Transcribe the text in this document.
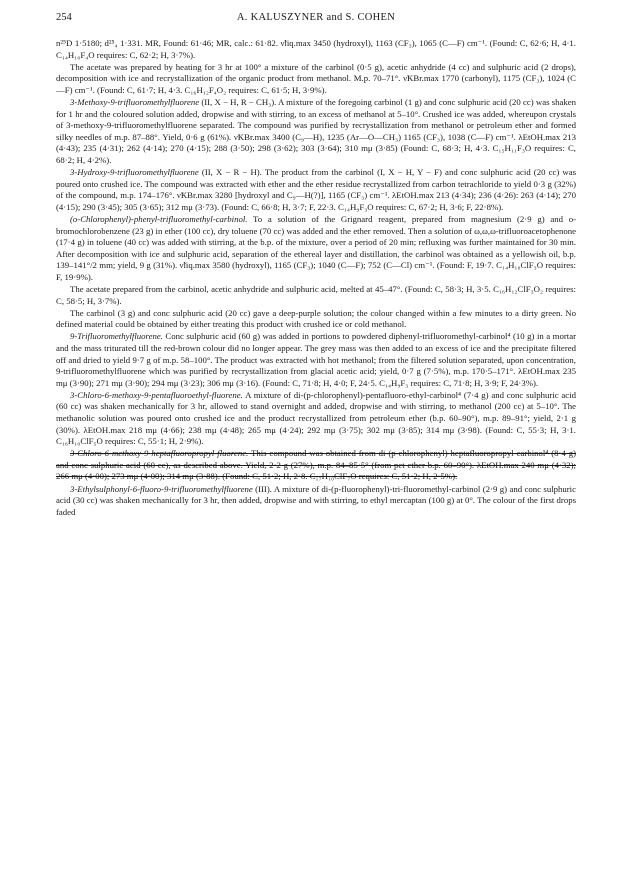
254	A. KALUSZYNER and S. COHEN

n²⁵D 1·5180; d²⁵₄ 1·331. MR, Found: 61·46; MR, calc.: 61·82. ν̃liq.max 3450 (hydroxyl), 1163 (CF₃), 1065 (C—F) cm⁻¹. (Found: C, 62·6; H, 4·1. C₁₄H₁₀F₄O requires: C, 62·2; H, 3·7%).

The acetate was prepared by heating for 3 hr at 100° a mixture of the carbinol (0·5 g), acetic anhydride (4 cc) and sulphuric acid (2 drops), decomposition with ice and recrystallization of the organic product from methanol. M.p. 70–71°. ν̃KBr.max 1770 (carbonyl), 1175 (CF₃), 1024 (C—F) cm⁻¹. (Found: C, 61·7; H, 4·3. C₁₆H₁₂F₄O₂ requires: C, 61·5; H, 3·9%).

3-Methoxy-9-trifluoromethylfluorene (II, X − H, R − CH₃). A mixture of the foregoing carbinol (1 g) and conc sulphuric acid (20 cc) was shaken for 1 hr and the coloured solution added, dropwise and with stirring, to an excess of methanol at 5–10°. Crushed ice was added, whereupon crystals of 3-methoxy-9-trifluoromethylfluorene separated. The compound was purified by recrystallization from methanol or petroleum ether and formed silky needles of m.p. 87–88°. Yield, 0·6 g (61%). ν̃KBr.max 3400 (C₉—H), 1235 (Ar—O—CH₃) 1165 (CF₃), 1038 (C—F) cm⁻¹. λEtOH.max 213 (4·43); 235 (4·31); 262 (4·14); 270 (4·15); 288 (3·50); 298 (3·62); 303 (3·64); 310 mμ (3·85) (Found: C, 68·3; H, 4·3. C₁₅H₁₁F₃O requires: C, 68·2; H, 4·2%).

3-Hydroxy-9-trifluoromethylfluorene (II, X − R − H). The product from the carbinol (I, X − H, Y − F) and conc sulphuric acid (20 cc) was poured onto crushed ice. The compound was extracted with ether and the ether residue recrystallized from carbon tetrachloride to yield 0·3 g (32%) of the compound, m.p. 174–176°. ν̃KBr.max 3280 [hydroxyl and C₉—H(?)], 1165 (CF₃) cm⁻¹. λEtOH.max 213 (4·34); 236 (4·26): 263 (4·14); 270 (4·15); 290 (3·45); 305 (3·65); 312 mμ (3·73). (Found: C, 66·8; H, 3·7; F, 22·3. C₁₄H₉F₃O requires: C, 67·2; H, 3·6; F, 22·8%).

(o-Chlorophenyl)-phenyl-trifluoromethyl-carbinol. To a solution of the Grignard reagent, prepared from magnesium (2·9 g) and o-bromochlorobenzene (23 g) in ether (100 cc), dry toluene (70 cc) was added and the ether removed. Then a solution of ω,ω,ω-trifluoroacetophenone (17·4 g) in toluene (40 cc) was added with stirring, at the b.p. of the mixture, over a period of 20 min; refluxing was further maintained for 30 min. After decomposition with ice and sulphuric acid, separation of the ethereal layer and distillation, the carbinol was obtained as a yellowish oil, b.p. 139–141°/2 mm; yield, 9 g (31%). ν̃liq.max 3580 (hydroxyl), 1165 (CF₃); 1040 (C—F); 752 (C—Cl) cm⁻¹. (Found: F, 19·7. C₁₄H₁₀ClF₃O requires: F, 19·9%).

The acetate prepared from the carbinol, acetic anhydride and sulphuric acid, melted at 45–47°. (Found: C, 58·3; H, 3·5. C₁₆H₁₂ClF₃O₂ requires: C, 58·5; H, 3·7%).

The carbinol (3 g) and conc sulphuric acid (20 cc) gave a deep-purple solution; the colour changed within a few minutes to a dirty green. No defined material could be obtained by either treating this product with crushed ice or cold methanol.

9-Trifluoromethylfluorene. Conc sulphuric acid (60 g) was added in portions to powdered diphenyl-trifluoromethyl-carbinol⁴ (10 g) in a mortar and the mass triturated till the red-brown colour did no longer appear. The grey mass was then added to an excess of ice and the precipitate filtered off and dried to yield 9·7 g of m.p. 58–100°. The product was extracted with hot methanol; from the filtered solution separated, upon concentration, 9-trifluoromethylfluorene which was purified by recrystallization from glacial acetic acid; yield, 0·7 g (7·5%), m.p. 170·5–171°. λEtOH.max 235 mμ (3·90); 271 mμ (3·90); 294 mμ (3·23); 306 mμ (3·16). (Found: C, 71·8; H, 4·0; F, 24·5. C₁₄H₉F₃ requires: C, 71·8; H, 3·9; F, 24·3%).

3-Chloro-6-methoxy-9-pentafluoroethyl-fluorene. A mixture of di-(p-chlorophenyl)-pentafluoro-ethyl-carbinol⁴ (7·4 g) and conc sulphuric acid (60 cc) was shaken mechanically for 3 hr, allowed to stand overnight and added, dropwise and with stirring, to methanol (200 cc) at 5–10°. The methanolic solution was poured onto crushed ice and the product recrystallized from petroleum ether (b.p. 60–90°), m.p. 89–91°; yield, 2·1 g (30%). λEtOH.max 218 mμ (4·66); 238 mμ (4·48); 265 mμ (4·24); 292 mμ (3·75); 302 mμ (3·85); 314 mμ (3·98). (Found: C, 55·3; H, 3·1. C₁₆H₁₀ClF₅O requires: C, 55·1; H, 2·9%).

3-Chloro-6-methoxy-9-heptafluoropropyl-fluorene. This compound was obtained from di-(p-chlorophenyl)-heptafluoropropyl-carbinol⁴ (8·4 g) and conc sulphuric acid (60 cc), as described above. Yield, 2·2 g (27%), m.p. 84–85·5° (from pet ether b.p. 60–90°). λEtOH.max 240 mμ (4·32); 266 mμ (4·00); 273 mμ (4·00); 314 mμ (3·88). (Found: C, 51·2; H, 2·8. C₁₇H₁₀ClF₇O requires: C, 51·2; H, 2·5%).

3-Ethylsulphonyl-6-fluoro-9-trifluoromethylfluorene (III). A mixture of di-(p-fluorophenyl)-tri-fluoromethyl-carbinol (2·9 g) and conc sulphuric acid (30 cc) was shaken mechanically for 3 hr, then added, dropwise and with stirring, to ethyl mercaptan (100 g) at 0°. The colour of the first drops faded
